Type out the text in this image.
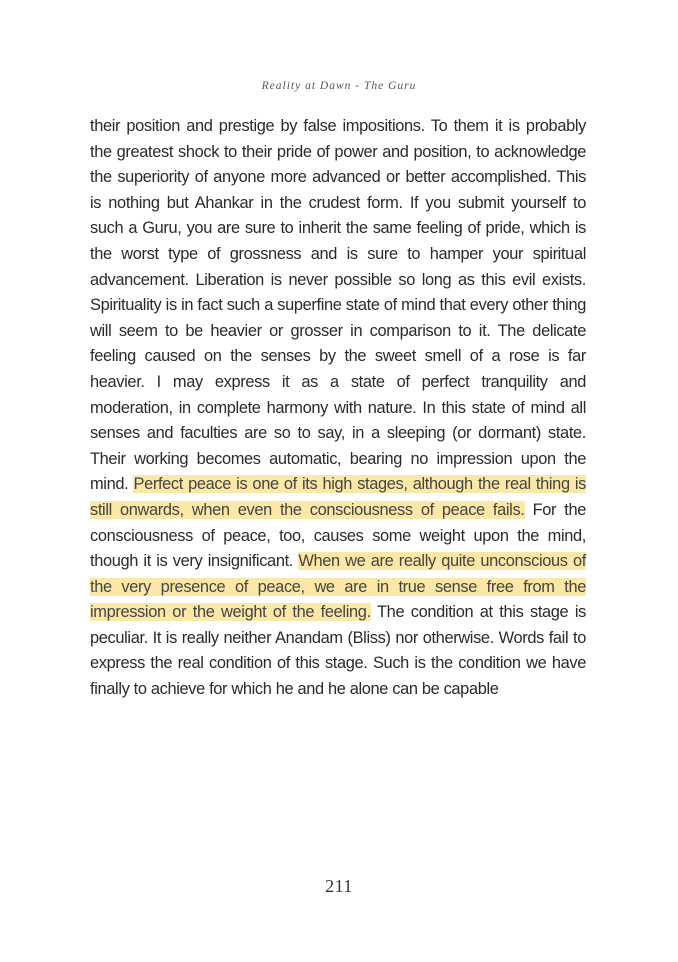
Reality at Dawn - The Guru
their position and prestige by false impositions. To them it is probably the greatest shock to their pride of power and position, to acknowledge the superiority of anyone more advanced or better accomplished. This is nothing but Ahankar in the crudest form. If you submit yourself to such a Guru, you are sure to inherit the same feeling of pride, which is the worst type of grossness and is sure to hamper your spiritual advancement. Liberation is never possible so long as this evil exists. Spirituality is in fact such a superfine state of mind that every other thing will seem to be heavier or grosser in comparison to it. The delicate feeling caused on the senses by the sweet smell of a rose is far heavier. I may express it as a state of perfect tranquility and moderation, in complete harmony with nature. In this state of mind all senses and faculties are so to say, in a sleeping (or dormant) state. Their working becomes automatic, bearing no impression upon the mind. Perfect peace is one of its high stages, although the real thing is still onwards, when even the consciousness of peace fails. For the consciousness of peace, too, causes some weight upon the mind, though it is very insignificant. When we are really quite unconscious of the very presence of peace, we are in true sense free from the impression or the weight of the feeling. The condition at this stage is peculiar. It is really neither Anandam (Bliss) nor otherwise. Words fail to express the real condition of this stage. Such is the condition we have finally to achieve for which he and he alone can be capable
211
